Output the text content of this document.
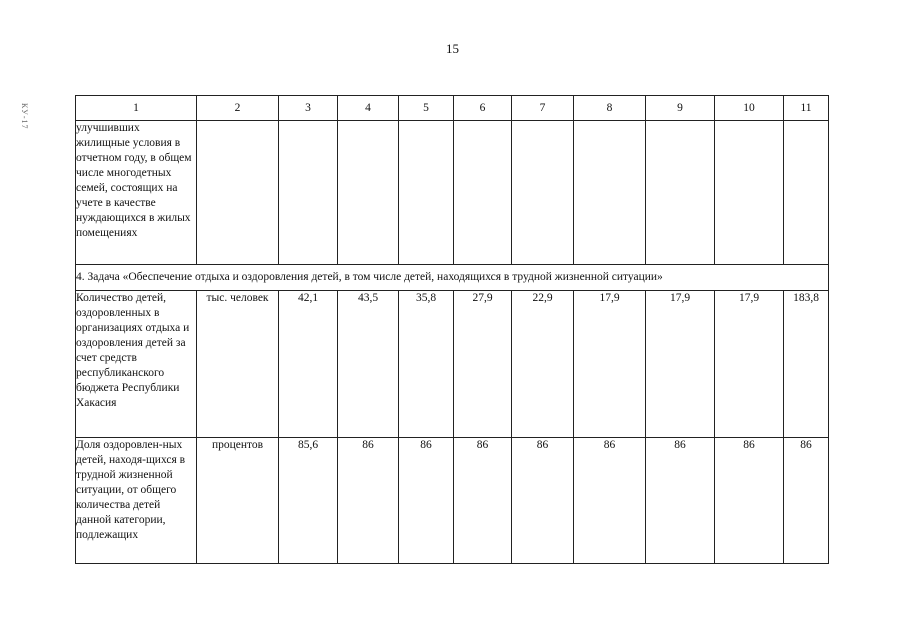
15
КУ-17	1	2	3	4	5	6	7	8	9	10	11
улучшивших жилищные условия в отчетном году, в общем числе многодетных семей, состоящих на учете в качестве нуждающихся в жилых помещениях										
4. Задача «Обеспечение отдыха и оздоровления детей, в том числе детей, находящихся в трудной жизненной ситуации»										
Количество детей, оздоровленных в организациях отдыха и оздоровления детей за счет средств республиканского бюджета Республики Хакасия	тыс. человек	42,1	43,5	35,8	27,9	22,9	17,9	17,9	17,9	183,8
Доля оздоровлен-ных детей, находя-щихся в трудной жизненной ситуации, от общего количества детей данной категории, подлежащих	процентов	85,6	86	86	86	86	86	86	86	86
